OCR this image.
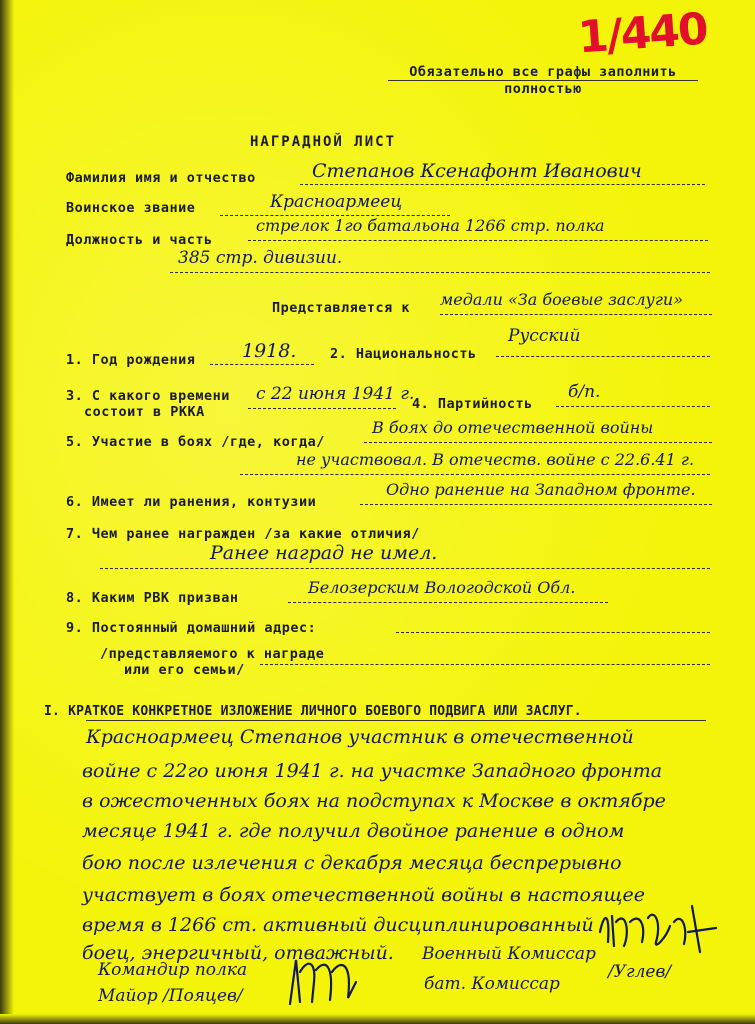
1/440
Обязательно все графы заполнить полностью
НАГРАДНОЙ ЛИСТ
Фамилия имя и отчество	Степанов Ксенафонт Иванович
Воинское звание	Красноармеец
Должность и часть
стрелок 1го батальона 1266 стр. полка
385 стр. дивизии.
Представляется к медали «За боевые заслуги»
1. Год рождения 1918. 2. Национальность
Русский
3. С какого времени
состоит в РККА
с 22 июня 1941 г.
4. Партийность
б/п.
5. Участие в боях /где, когда/
В боях до отечественной войны
не участвовал. В отечеств. войне с 22.6.41 г.
6. Имеет ли ранения, контузии
Одно ранение на Западном фронте.
7. Чем ранее награжден /за какие отличия/
Ранее наград не имел.
8. Каким РВК призван
Белозерским Вологодской Обл.
9. Постоянный домашний адрес:
/представляемого к награде
или его семьи/
I. КРАТКОЕ КОНКРЕТНОЕ ИЗЛОЖЕНИЕ ЛИЧНОГО БОЕВОГО ПОДВИГА ИЛИ ЗАСЛУГ.
Красноармеец Степанов участник в отечественной
войне с 22го июня 1941 г. на участке Западного фронта
в ожесточенных боях на подступах к Москве в октябре
месяце 1941 г. где получил двойное ранение в одном
бою после излечения с декабря месяца беспрерывно
участвует в боях отечественной войны в настоящее
время в 1266 ст. активный дисциплинированный
боец, энергичный, отважный.
Командир полка
Майор /Пояцев/
Военный Комиссар
бат. Комиссар
/Углев/
